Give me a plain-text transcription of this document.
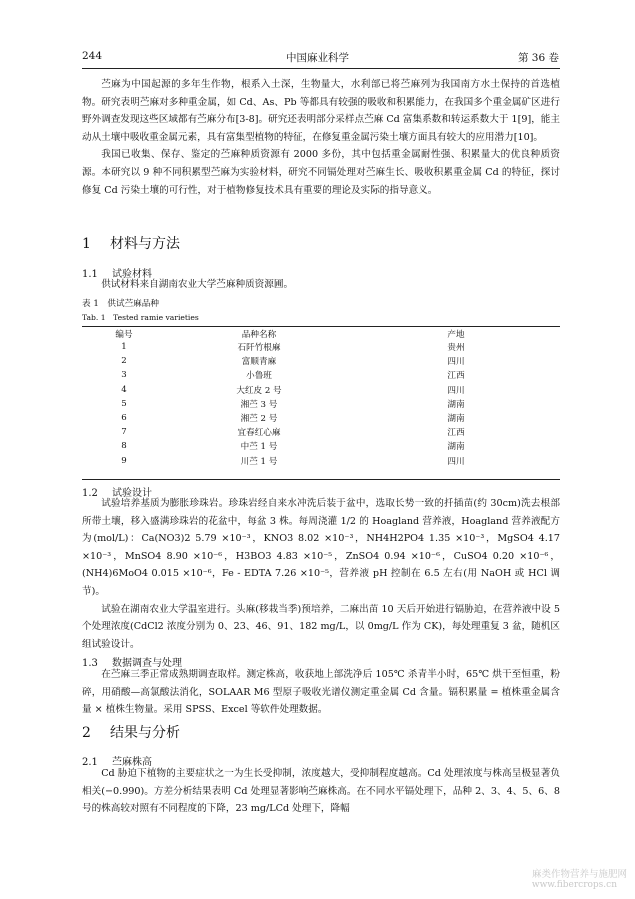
244	中国麻业科学	第 36 卷

苎麻为中国起源的多年生作物，根系入土深，生物量大，水利部已将苎麻列为我国南方水土保持的首选植物。研究表明苎麻对多种重金属，如 Cd、As、Pb 等都具有较强的吸收和积累能力，在我国多个重金属矿区进行野外调查发现这些区域都有苎麻分布[3-8]。研究还表明部分采样点苎麻 Cd 富集系数和转运系数大于 1[9]，能主动从土壤中吸收重金属元素，具有富集型植物的特征，在修复重金属污染土壤方面具有较大的应用潜力[10]。

我国已收集、保存、鉴定的苎麻种质资源有 2000 多份，其中包括重金属耐性强、积累量大的优良种质资源。本研究以 9 种不同积累型苎麻为实验材料，研究不同镉处理对苎麻生长、吸收积累重金属 Cd 的特征，探讨修复 Cd 污染土壤的可行性，对于植物修复技术具有重要的理论及实际的指导意义。

1 材料与方法
1.1 试验材料

供试材料来自湖南农业大学苎麻种质资源圃。

表 1　供试苎麻品种
Tab. 1　Tested ramie varieties
编号	品种名称	产地
1	石阡竹根麻	贵州
2	富顺青麻	四川
3	小鲁班	江西
4	大红皮 2 号	四川
5	湘苎 3 号	湖南
6	湘苎 2 号	湖南
7	宜春红心麻	江西
8	中苎 1 号	湖南
9	川苎 1 号	四川
1.2 试验设计

试验培养基质为膨胀珍珠岩。珍珠岩经自来水冲洗后装于盆中，选取长势一致的扦插苗(约 30cm)洗去根部所带土壤，移入盛满珍珠岩的花盆中，每盆 3 株。每周浇灌 1/2 的 Hoagland 营养液，Hoagland 营养液配方为(mol/L)：Ca(NO3)2 5.79 ×10⁻³，KNO3 8.02 ×10⁻³，NH4H2PO4 1.35 ×10⁻³，MgSO4 4.17 ×10⁻³，MnSO4 8.90 ×10⁻⁶，H3BO3 4.83 ×10⁻⁵，ZnSO4 0.94 ×10⁻⁶，CuSO4 0.20 ×10⁻⁶，(NH4)6MoO4 0.015 ×10⁻⁶，Fe - EDTA 7.26 ×10⁻⁵，营养液 pH 控制在 6.5 左右(用 NaOH 或 HCl 调节)。

试验在湖南农业大学温室进行。头麻(移栽当季)预培养，二麻出苗 10 天后开始进行镉胁迫，在营养液中设 5 个处理浓度(CdCl2 浓度分别为 0、23、46、91、182 mg/L，以 0mg/L 作为 CK)，每处理重复 3 盆，随机区组试验设计。

1.3 数据调查与处理

在苎麻三季正常成熟期调查取样。测定株高，收获地上部洗净后 105℃ 杀青半小时，65℃ 烘干至恒重，粉碎，用硝酸—高氯酸法消化，SOLAAR M6 型原子吸收光谱仪测定重金属 Cd 含量。镉积累量 = 植株重金属含量 × 植株生物量。采用 SPSS、Excel 等软件处理数据。

2 结果与分析
2.1 苎麻株高

Cd 胁迫下植物的主要症状之一为生长受抑制，浓度越大，受抑制程度越高。Cd 处理浓度与株高呈极显著负相关(−0.990)。方差分析结果表明 Cd 处理显著影响苎麻株高。在不同水平镉处理下，品种 2、3、4、5、6、8 号的株高较对照有不同程度的下降，23 mg/LCd 处理下，降幅

麻类作物营养与施肥网
www.fibercrops.cn
